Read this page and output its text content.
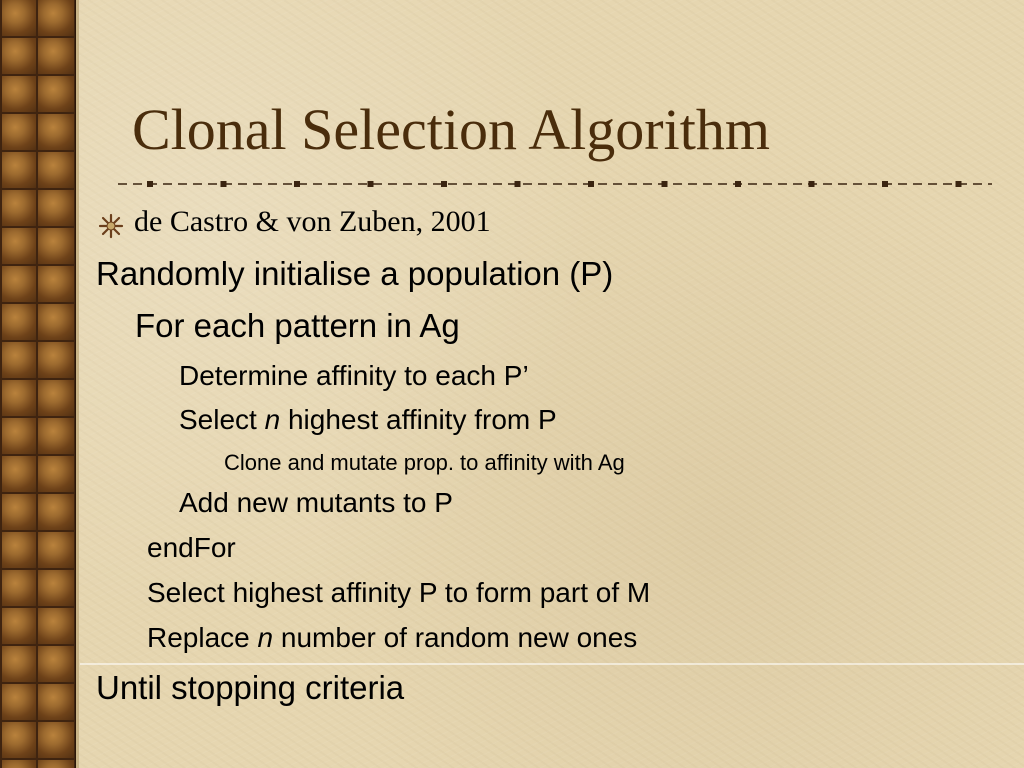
Clonal Selection Algorithm
de Castro & von Zuben, 2001
Randomly initialise a population (P)
For each pattern in Ag
Determine affinity to each P’
Select n highest affinity from P
Clone and mutate prop. to affinity with Ag
Add new mutants to P
endFor
Select highest affinity P to form part of M
Replace n number of random new ones
Until stopping criteria
